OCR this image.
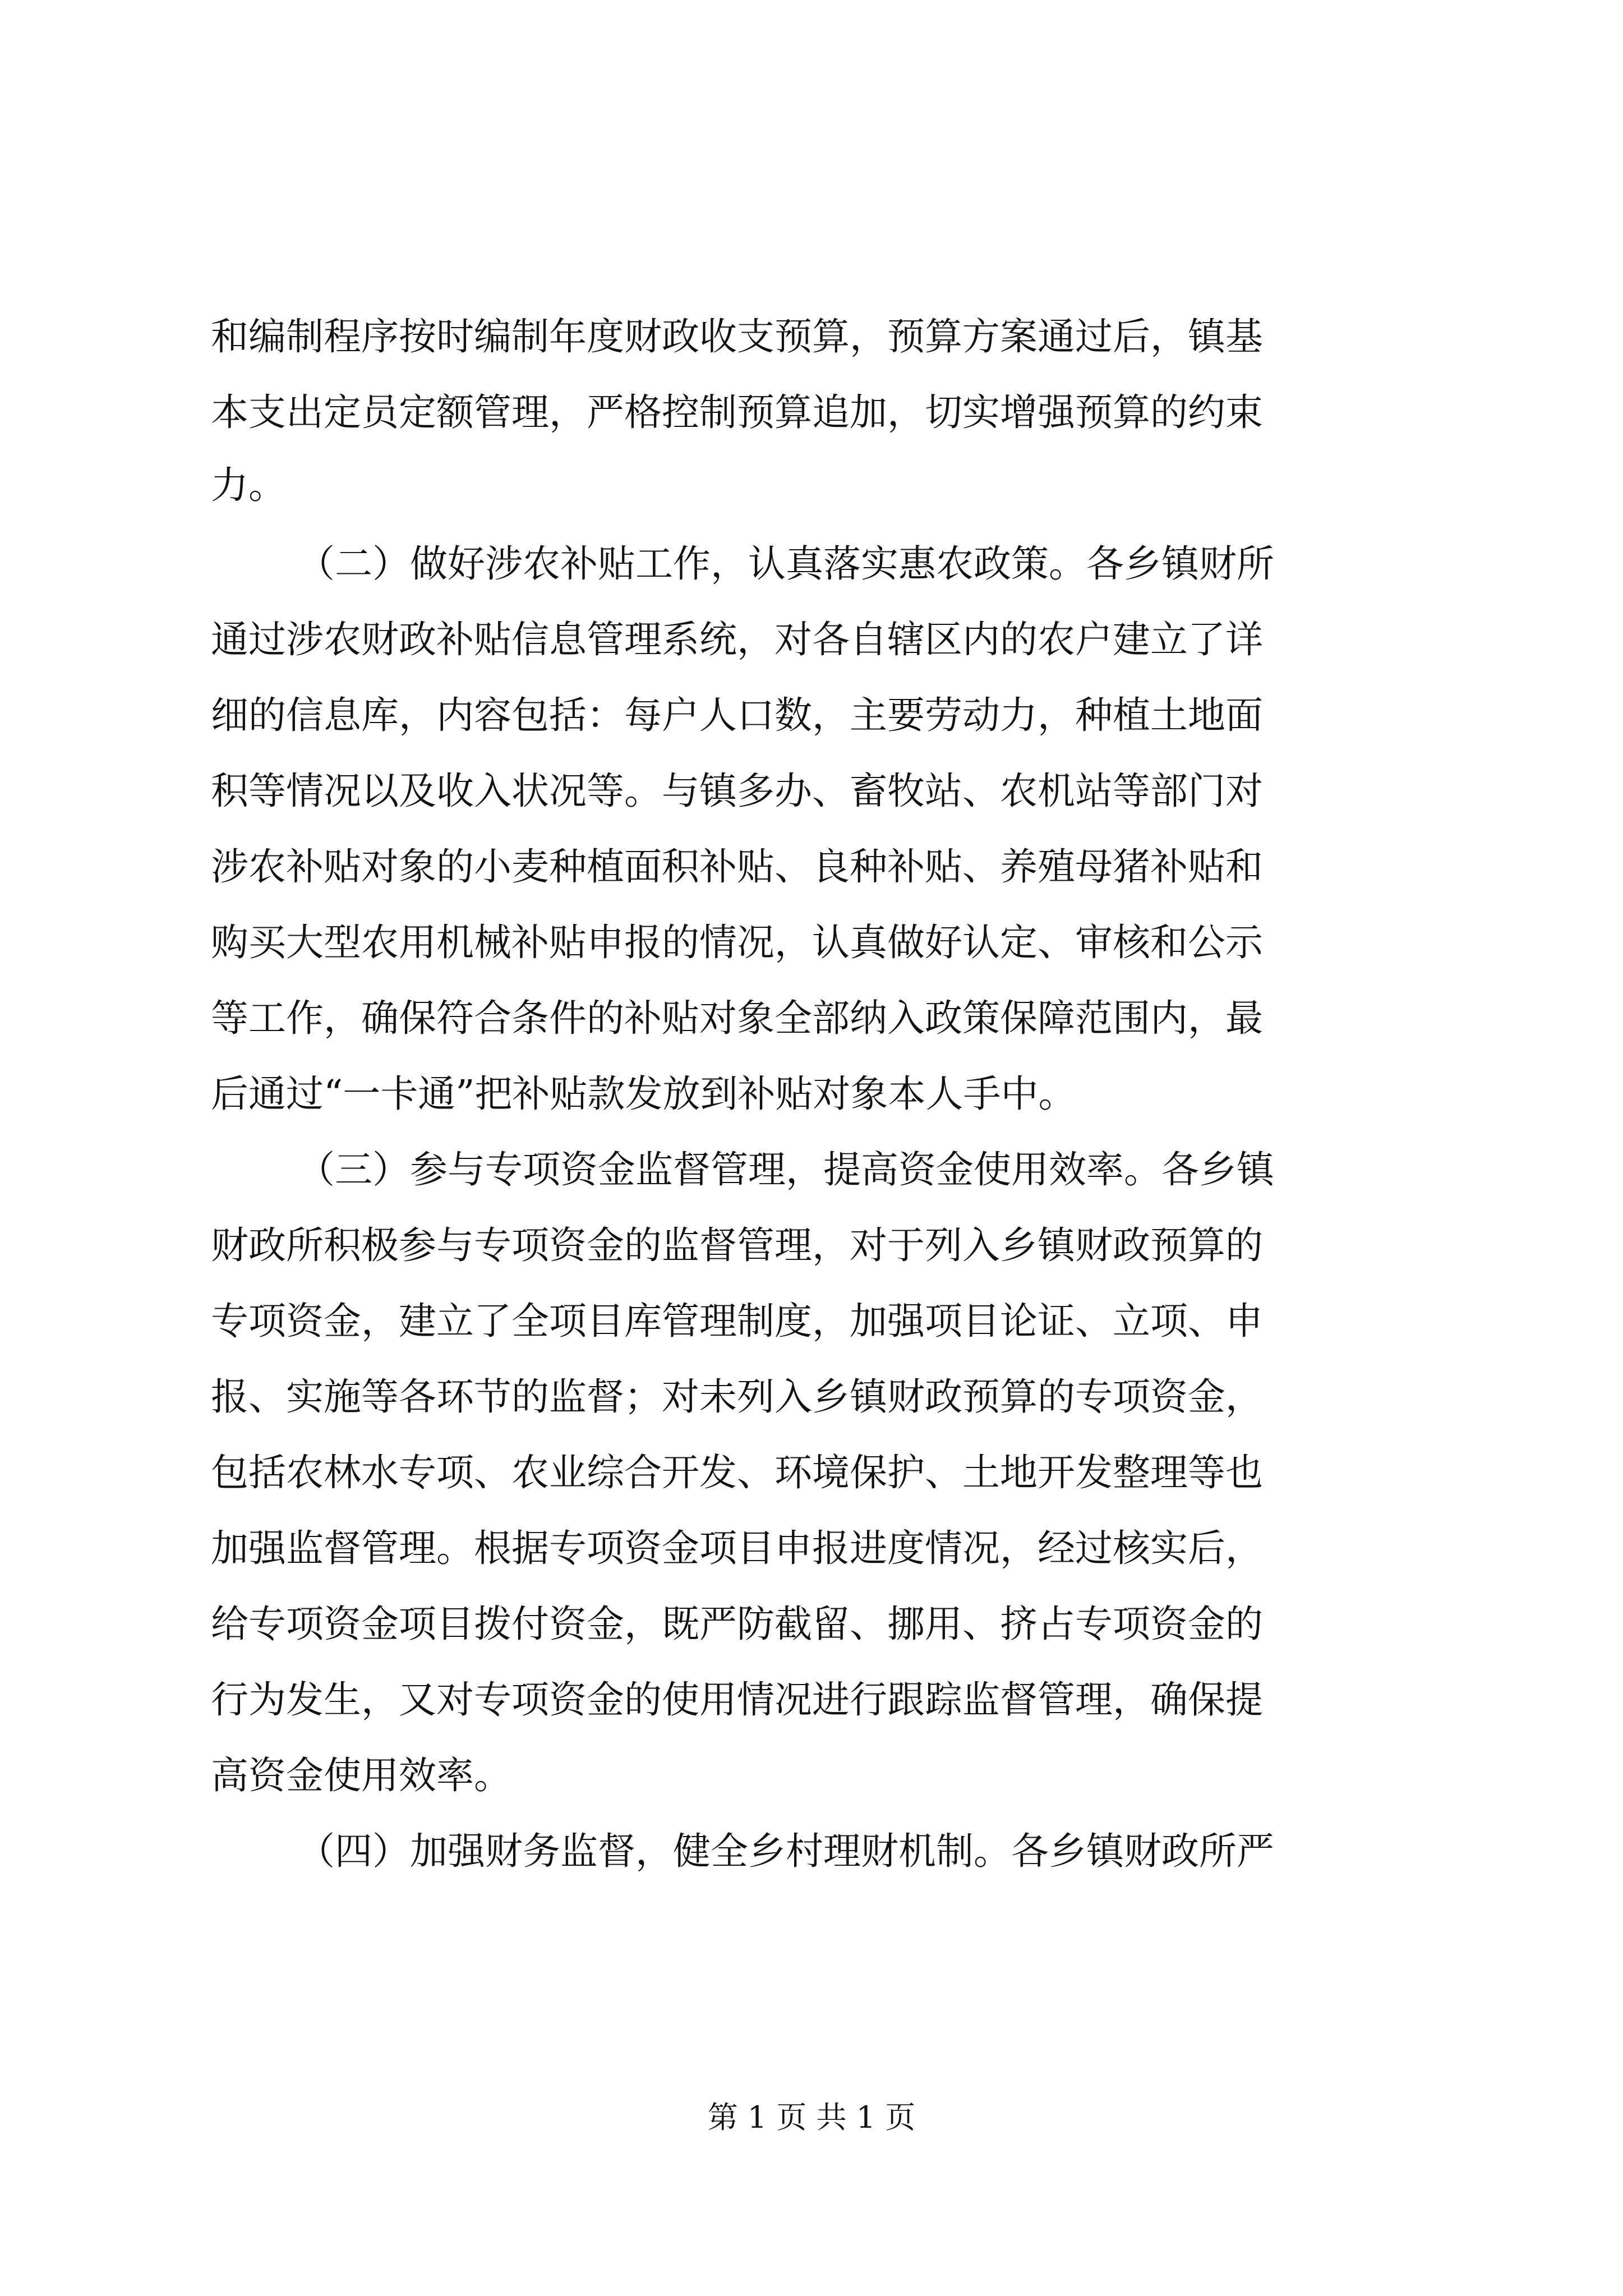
和编制程序按时编制年度财政收支预算，预算方案通过后，镇基

本支出定员定额管理，严格控制预算追加，切实增强预算的约束

力。

（二）做好涉农补贴工作，认真落实惠农政策。各乡镇财所

通过涉农财政补贴信息管理系统，对各自辖区内的农户建立了详

细的信息库，内容包括：每户人口数，主要劳动力，种植土地面

积等情况以及收入状况等。与镇多办、畜牧站、农机站等部门对

涉农补贴对象的小麦种植面积补贴、良种补贴、养殖母猪补贴和

购买大型农用机械补贴申报的情况，认真做好认定、审核和公示

等工作，确保符合条件的补贴对象全部纳入政策保障范围内，最

后通过“一卡通”把补贴款发放到补贴对象本人手中。

（三）参与专项资金监督管理，提高资金使用效率。各乡镇

财政所积极参与专项资金的监督管理，对于列入乡镇财政预算的

专项资金，建立了全项目库管理制度，加强项目论证、立项、申

报、实施等各环节的监督；对未列入乡镇财政预算的专项资金，

包括农林水专项、农业综合开发、环境保护、土地开发整理等也

加强监督管理。根据专项资金项目申报进度情况，经过核实后，

给专项资金项目拨付资金，既严防截留、挪用、挤占专项资金的

行为发生，又对专项资金的使用情况进行跟踪监督管理，确保提

高资金使用效率。

（四）加强财务监督，健全乡村理财机制。各乡镇财政所严

第 1 页 共 1 页
